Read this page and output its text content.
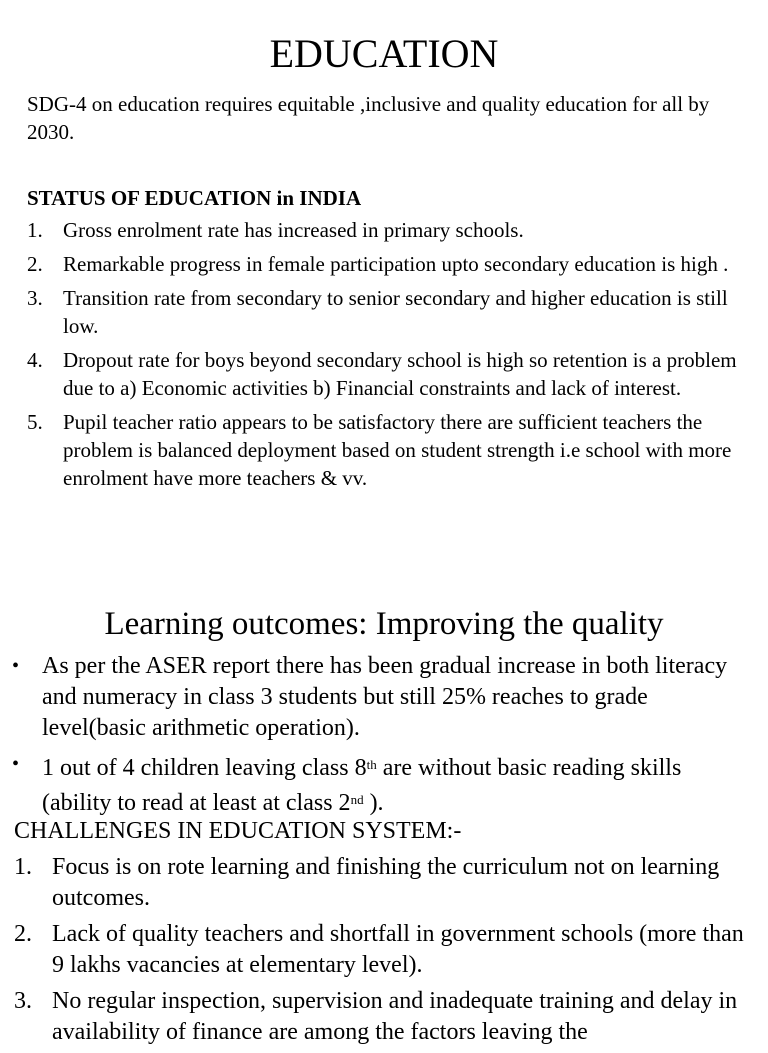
EDUCATION
SDG-4 on education requires equitable ,inclusive and quality education for all by 2030.
STATUS OF EDUCATION in INDIA
1. Gross enrolment rate has increased in primary schools.
2. Remarkable progress in female participation upto secondary education is high .
3. Transition rate from secondary to senior secondary and higher education is still low.
4. Dropout rate for boys beyond secondary school is high so retention is a problem due to a) Economic activities b) Financial constraints and lack of interest.
5. Pupil teacher ratio appears to be satisfactory there are sufficient teachers the problem is balanced deployment based on student strength i.e school with more enrolment have more teachers & vv.
Learning outcomes: Improving the quality
• As per the ASER report there has been gradual increase in both literacy and numeracy in class 3 students but still 25% reaches to grade level(basic arithmetic operation).
• 1 out of 4 children leaving class 8th are without basic reading skills (ability to read at least at class 2nd ).
CHALLENGES IN EDUCATION SYSTEM:-
1. Focus is on rote learning and finishing the curriculum not on learning outcomes.
2. Lack of quality teachers and shortfall in government schools (more than 9 lakhs vacancies at elementary level).
3. No regular inspection, supervision and inadequate training and delay in availability of finance are among the factors leaving the
